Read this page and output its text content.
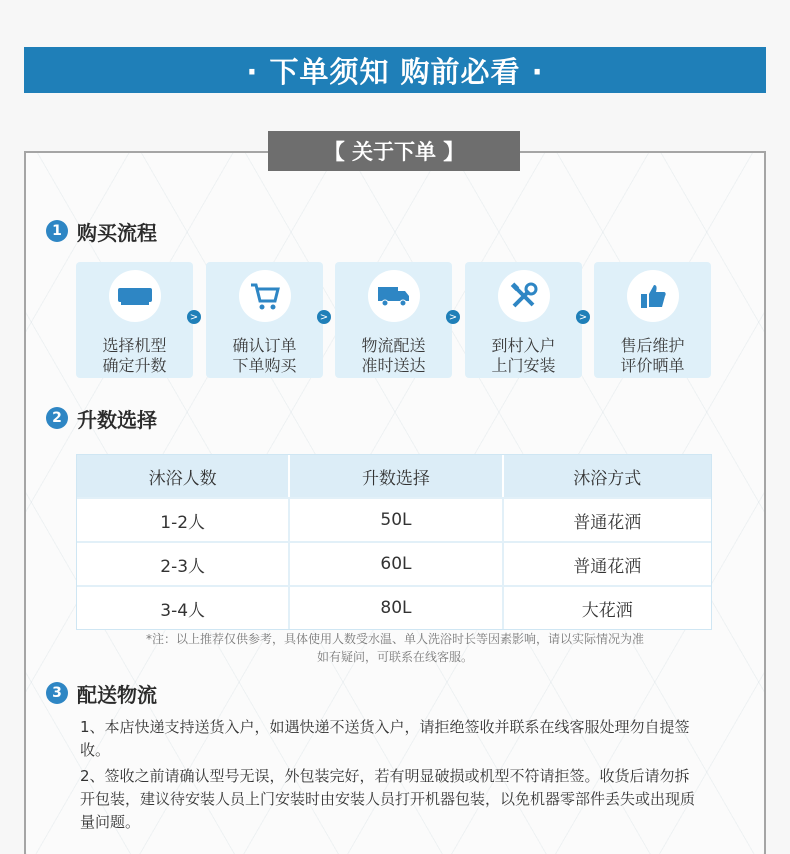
· 下单须知 购前必看 ·
【 关于下单 】
1 购买流程
选择机型
确定升数
>
确认订单
下单购买
>
物流配送
准时送达
>
到村入户
上门安装
>
售后维护
评价晒单
2 升数选择
沐浴人数	升数选择	沐浴方式
1-2人	50L	普通花洒
2-3人	60L	普通花洒
3-4人	80L	大花洒
*注：以上推荐仅供参考，具体使用人数受水温、单人洗浴时长等因素影响，请以实际情况为准
如有疑问，可联系在线客服。
3 配送物流
1、本店快递支持送货入户，如遇快递不送货入户，请拒绝签收并联系在线客服处理勿自提签收。
2、签收之前请确认型号无误，外包装完好，若有明显破损或机型不符请拒签。收货后请勿拆开包装，建议待安装人员上门安装时由安装人员打开机器包装，以免机器零部件丢失或出现质量问题。
